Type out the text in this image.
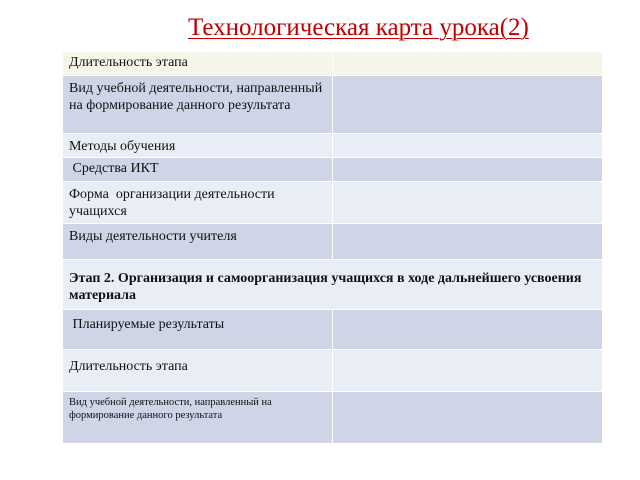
Технологическая карта урока(2)
Длительность этапа	
Вид учебной деятельности, направленный на формирование данного результата	
Методы обучения	
Средства ИКТ	
Форма  организации деятельности учащихся	
Виды деятельности учителя	
Этап 2. Организация и самоорганизация учащихся в ходе дальнейшего усвоения материала	
Планируемые результаты	
Длительность этапа	
Вид учебной деятельности, направленный на формирование данного результата	
